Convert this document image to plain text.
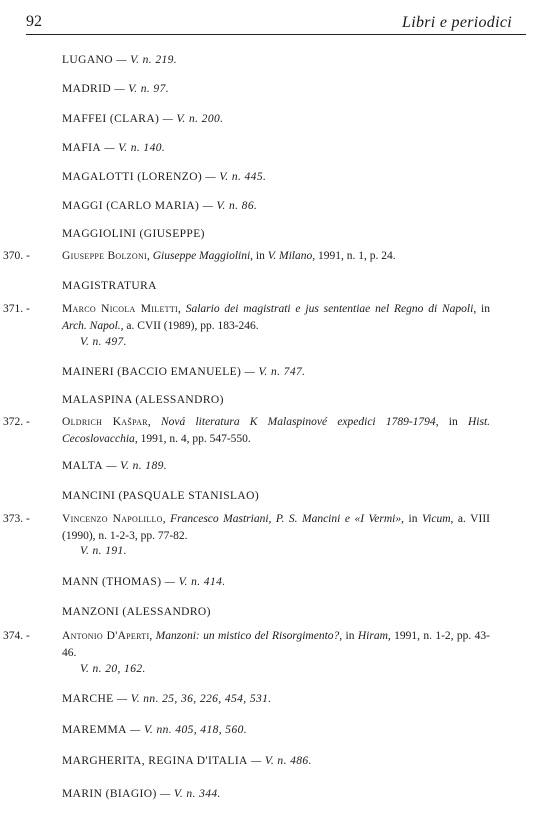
92	Libri e periodici
LUGANO — V. n. 219.
MADRID — V. n. 97.
MAFFEI (CLARA) — V. n. 200.
MAFIA — V. n. 140.
MAGALOTTI (LORENZO) — V. n. 445.
MAGGI (CARLO MARIA) — V. n. 86.
MAGGIOLINI (GIUSEPPE)
370. -	Giuseppe Bolzoni, Giuseppe Maggiolini, in V. Milano, 1991, n. 1, p. 24.
MAGISTRATURA
371. -	Marco Nicola Miletti, Salario dei magistrati e jus sententiae nel Regno di Napoli, in Arch. Napol., a. CVII (1989), pp. 183-246.
V. n. 497.
MAINERI (BACCIO EMANUELE) — V. n. 747.
MALASPINA (ALESSANDRO)
372. -	Oldrich Kašpar, Nová literatura K Malaspinové expedici 1789-1794, in Hist. Cecoslovacchia, 1991, n. 4, pp. 547-550.
MALTA — V. n. 189.
MANCINI (PASQUALE STANISLAO)
373. -	Vincenzo Napolillo, Francesco Mastriani, P. S. Mancini e «I Vermi», in Vicum, a. VIII (1990), n. 1-2-3, pp. 77-82.
V. n. 191.
MANN (THOMAS) — V. n. 414.
MANZONI (ALESSANDRO)
374. -	Antonio D'Aperti, Manzoni: un mistico del Risorgimento?, in Hiram, 1991, n. 1-2, pp. 43-46.
V. n. 20, 162.
MARCHE — V. nn. 25, 36, 226, 454, 531.
MAREMMA — V. nn. 405, 418, 560.
MARGHERITA, REGINA D'ITALIA — V. n. 486.
MARIN (BIAGIO) — V. n. 344.
